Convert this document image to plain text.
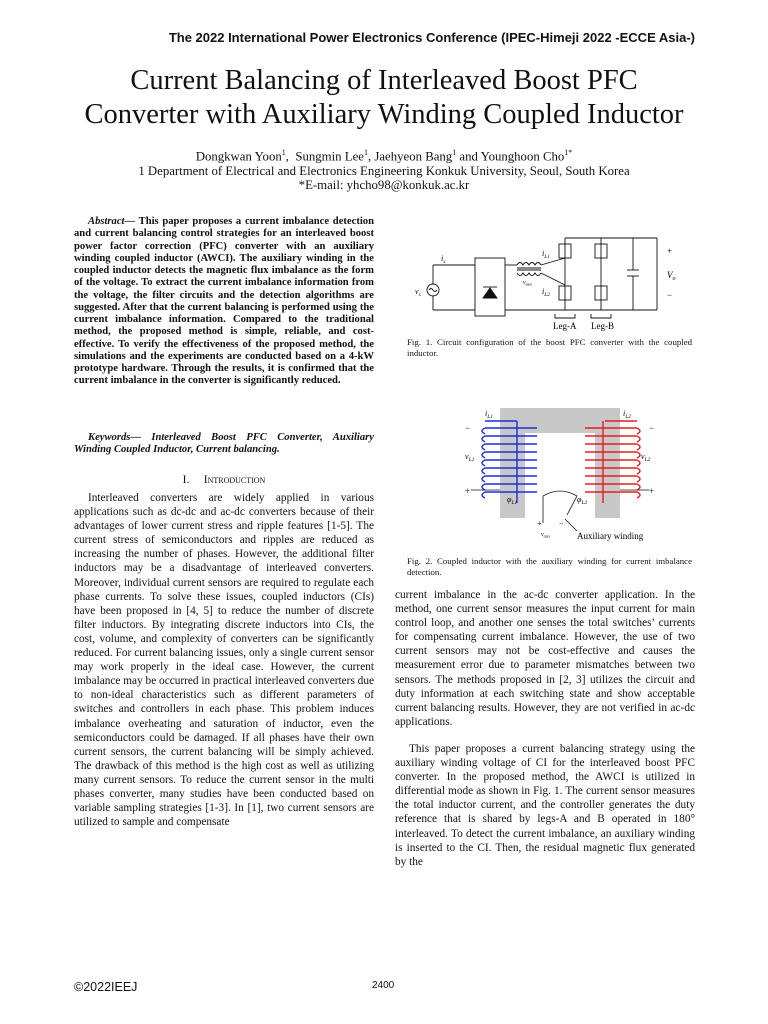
The 2022 International Power Electronics Conference (IPEC-Himeji 2022 -ECCE Asia-)
Current Balancing of Interleaved Boost PFC
Converter with Auxiliary Winding Coupled Inductor
Dongkwan Yoon$^1$,  Sungmin Lee$^1$, Jaehyeon Bang$^1$ and Younghoon Cho$^{1*}$
1 Department of Electrical and Electronics Engineering Konkuk University, Seoul, South Korea
*E-mail: yhcho98@konkuk.ac.kr
Abstract— This paper proposes a current imbalance detection and current balancing control strategies for an interleaved boost power factor correction (PFC) converter with an auxiliary winding coupled inductor (AWCI). The auxiliary winding in the coupled inductor detects the magnetic flux imbalance as the form of the voltage. To extract the current imbalance information from the voltage, the filter circuits and the detection algorithms are suggested. After that the current balancing is performed using the current imbalance information. Compared to the traditional method, the proposed method is simple, reliable, and cost-effective. To verify the effectiveness of the proposed method, the simulations and the experiments are conducted based on a 4-kW prototype hardware. Through the results, it is confirmed that the current imbalance in the converter is significantly reduced.
Keywords— Interleaved Boost PFC Converter, Auxiliary Winding Coupled Inductor, Current balancing.
I. Introduction
Interleaved converters are widely applied in various applications such as dc-dc and ac-dc converters because of their advantages of lower current stress and ripple features [1-5]. The current stress of semiconductors and ripples are reduced as increasing the number of phases. However, the additional filter inductors may be a disadvantage of interleaved converters. Moreover, individual current sensors are required to regulate each phase currents. To solve these issues, coupled inductors (CIs) have been proposed in [4, 5] to reduce the number of discrete filter inductors. By integrating discrete inductors into CIs, the cost, volume, and complexity of converters can be significantly reduced. For current balancing issues, only a single current sensor may work properly in the ideal case. However, the current imbalance may be occurred in practical interleaved converters due to non-ideal characteristics such as different parameters of switches and controllers in each phase. This problem induces imbalance overheating and saturation of inductor, even the semiconductors could be damaged. If all phases have their own current sensors, the current balancing will be simply achieved. The drawback of this method is the high cost as well as utilizing many current sensors. To reduce the current sensor in the multi phases converter, many studies have been conducted based on variable sampling strategies [1-3]. In [1], two current sensors are utilized to sample and compensate
$v_s$
$i_s$
$i_{L1}$
$i_{L2}$
$v_{aux}$
+
$V_o$
−
Leg-A Leg-B
Fig. 1. Circuit configuration of the boost PFC converter with the coupled inductor.
$i_{L1}$	$i_{L2}$
−	−
$v_{L1}$	$v_{L2}$
+	+
$\varphi_{L1}$	$\varphi_{L2}$
+ −
$v_{aux}$	Auxiliary winding
Fig. 2. Coupled inductor with the auxiliary winding for current imbalance detection.
current imbalance in the ac-dc converter application. In the method, one current sensor measures the input current for main control loop, and another one senses the total switches’ currents for compensating current imbalance. However, the use of two current sensors may not be cost-effective and causes the measurement error due to parameter mismatches between two sensors. The methods proposed in [2, 3] utilizes the circuit and duty information at each switching state and show acceptable current balancing results. However, they are not verified in ac-dc applications.
This paper proposes a current balancing strategy using the auxiliary winding voltage of CI for the interleaved boost PFC converter. In the proposed method, the AWCI is utilized in differential mode as shown in Fig. 1. The current sensor measures the total inductor current, and the controller generates the duty reference that is shared by legs-A and B operated in 180° interleaved. To detect the current imbalance, an auxiliary winding is inserted to the CI. Then, the residual magnetic flux generated by the
©2022IEEJ	2400
